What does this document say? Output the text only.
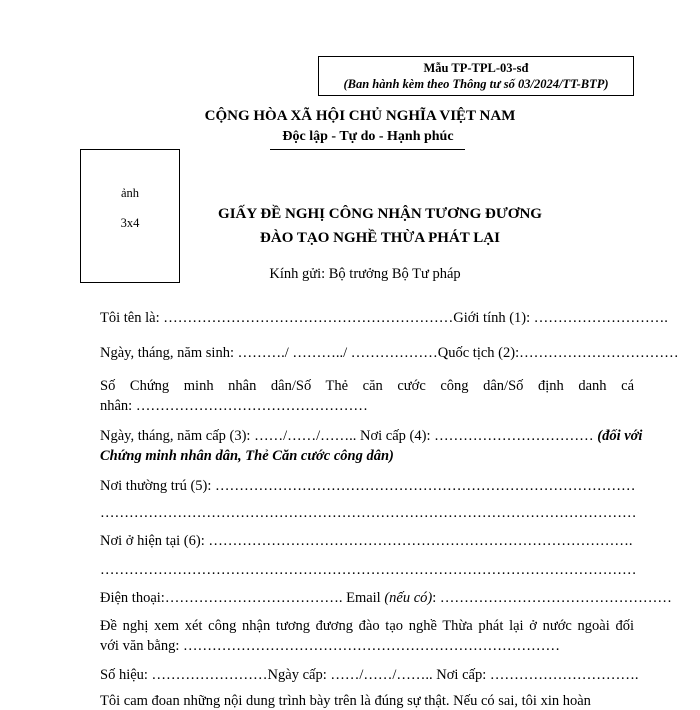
Mẫu TP-TPL-03-sđ
(Ban hành kèm theo Thông tư số 03/2024/TT-BTP)
CỘNG HÒA XÃ HỘI CHỦ NGHĨA VIỆT NAM
Độc lập - Tự do - Hạnh phúc
ảnh
3x4
GIẤY ĐỀ NGHỊ CÔNG NHẬN TƯƠNG ĐƯƠNG
ĐÀO TẠO NGHỀ THỪA PHÁT LẠI
Kính gửi: Bộ trưởng Bộ Tư pháp
Tôi tên là: ……………………………………………………Giới tính (1): ……………………….
Ngày, tháng, năm sinh: ………./ ………../ ………………Quốc tịch (2):……………………………
Số Chứng minh nhân dân/Số Thẻ căn cước công dân/Số định danh cá
nhân: …………………………………………
Ngày, tháng, năm cấp (3): ……/……/…….. Nơi cấp (4): …………………………… (đối với
Chứng minh nhân dân, Thẻ Căn cước công dân)
Nơi thường trú (5): ……………………………………………………………………………
…………………………………………………………………………………………………
Nơi ở hiện tại (6): …………………………………………………………………………….
…………………………………………………………………………………………………
Điện thoại:………………………………. Email (nếu có): …………………………………………
Đề nghị xem xét công nhận tương đương đào tạo nghề Thừa phát lại ở nước ngoài đối
với văn bằng: ……………………………………………………………………
Số hiệu: ……………………Ngày cấp: ……/……/…….. Nơi cấp: ………………………….
Tôi cam đoan những nội dung trình bày trên là đúng sự thật. Nếu có sai, tôi xin hoàn
